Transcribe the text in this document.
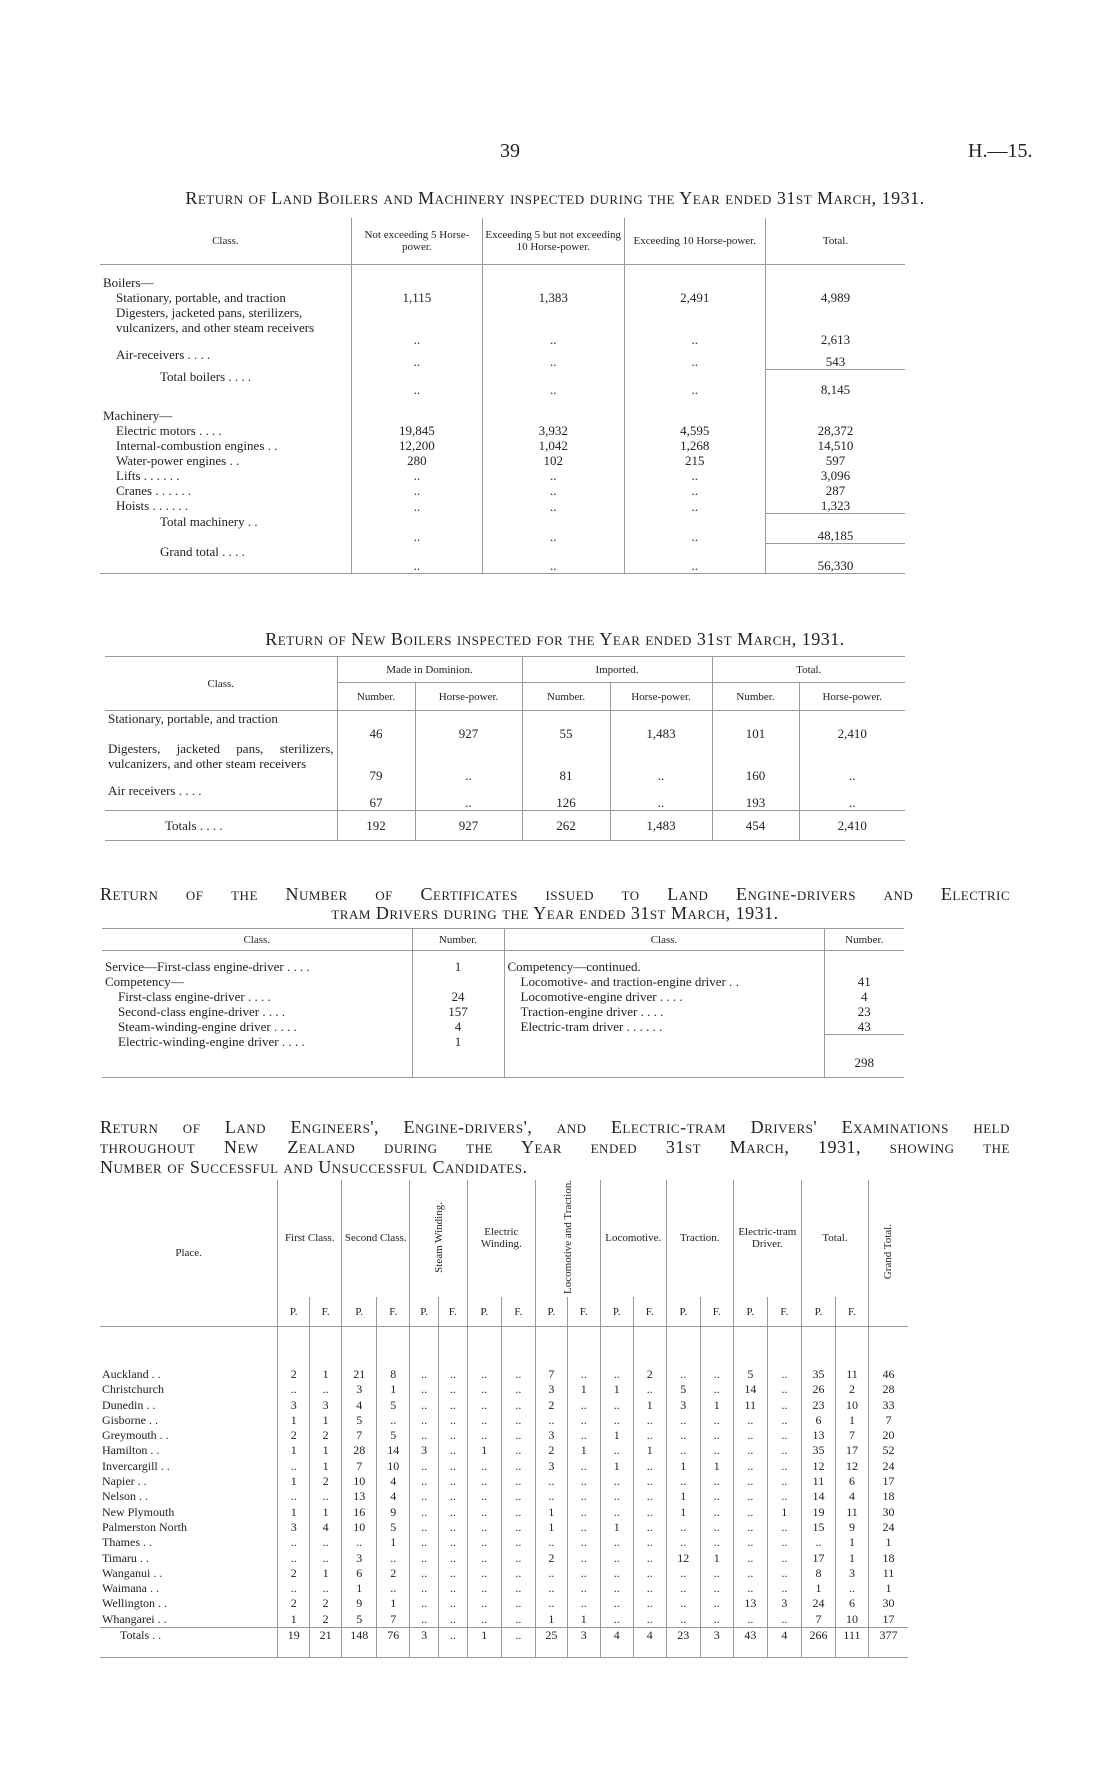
39	H.—15.
Return of Land Boilers and Machinery inspected during the Year ended 31st March, 1931.
Class.	Not exceeding 5 Horse-power.	Exceeding 5 but not exceeding 10 Horse-power.	Exceeding 10 Horse-power.	Total.
Boilers—				
Stationary, portable, and traction	1,115	1,383	2,491	4,989
Digesters, jacketed pans, sterilizers, vulcanizers, and other steam receivers	..	..	..	2,613
Air-receivers . . . .	..	..	..	543
Total boilers . . . .	..	..	..	8,145
Machinery—				
Electric motors . . . .	19,845	3,932	4,595	28,372
Internal-combustion engines . .	12,200	1,042	1,268	14,510
Water-power engines . .	280	102	215	597
Lifts . . . . . .	..	..	..	3,096
Cranes . . . . . .	..	..	..	287
Hoists . . . . . .	..	..	..	1,323
Total machinery . .	..	..	..	48,185
Grand total . . . .	..	..	..	56,330
Return of New Boilers inspected for the Year ended 31st March, 1931.
Class.	Made in Dominion.		Imported.		Total.	
	Number.	Horse-power.	Number.	Horse-power.	Number.	Horse-power.
Stationary, portable, and traction	46	927	55	1,483	101	2,410
Digesters, jacketed pans, sterilizers, vulcanizers, and other steam receivers	79	..	81	..	160	..
Air receivers . . . .	67	..	126	..	193	..
Totals . . . .	192	927	262	1,483	454	2,410
Return of the Number of Certificates issued to Land Engine-drivers and Electric
tram Drivers during the Year ended 31st March, 1931.
Class.	Number.	Class.	Number.

Service—First-class engine-driver . . . .	1	Competency—continued.	
Competency—		Locomotive- and traction-engine driver . .	41
First-class engine-driver . . . .	24	Locomotive-engine driver . . . .	4
Second-class engine-driver . . . .	157	Traction-engine driver . . . .	23
Steam-winding-engine driver . . . .	4	Electric-tram driver . . . . . .	43
Electric-winding-engine driver . . . .	1		
			298
Return of Land Engineers', Engine-drivers', and Electric-tram Drivers' Examinations held
throughout New Zealand during the Year ended 31st March, 1931, showing the
Number of Successful and Unsuccessful Candidates.
Place.	First Class.		Second Class.		Steam Winding.		Electric Winding.		Locomotive and Traction.		Locomotive.		Traction.		Electric-tram Driver.		Total.		Grand Total.
	P.	F.	P.	F.	P.	F.	P.	F.	P.	F.	P.	F.	P.	F.	P.	F.	P.	F.	

Auckland . .	2	1	21	8	..	..	..	..	7	..	..	2	..	..	5	..	35	11	46
Christchurch	..	..	3	1	..	..	..	..	3	1	1	..	5	..	14	..	26	2	28
Dunedin . .	3	3	4	5	..	..	..	..	2	..	..	1	3	1	11	..	23	10	33
Gisborne . .	1	1	5	..	..	..	..	..	..	..	..	..	..	..	..	..	6	1	7
Greymouth . .	2	2	7	5	..	..	..	..	3	..	1	..	..	..	..	..	13	7	20
Hamilton . .	1	1	28	14	3	..	1	..	2	1	..	1	..	..	..	..	35	17	52
Invercargill . .	..	1	7	10	..	..	..	..	3	..	1	..	1	1	..	..	12	12	24
Napier . .	1	2	10	4	..	..	..	..	..	..	..	..	..	..	..	..	11	6	17
Nelson . .	..	..	13	4	..	..	..	..	..	..	..	..	1	..	..	..	14	4	18
New Plymouth	1	1	16	9	..	..	..	..	1	..	..	..	1	..	..	1	19	11	30
Palmerston North	3	4	10	5	..	..	..	..	1	..	1	..	..	..	..	..	15	9	24
Thames . .	..	..	..	1	..	..	..	..	..	..	..	..	..	..	..	..	..	1	1
Timaru . .	..	..	3	..	..	..	..	..	2	..	..	..	12	1	..	..	17	1	18
Wanganui . .	2	1	6	2	..	..	..	..	..	..	..	..	..	..	..	..	8	3	11
Waimana . .	..	..	1	..	..	..	..	..	..	..	..	..	..	..	..	..	1	..	1
Wellington . .	2	2	9	1	..	..	..	..	..	..	..	..	..	..	13	3	24	6	30
Whangarei . .	1	2	5	7	..	..	..	..	1	1	..	..	..	..	..	..	7	10	17
Totals . .	19	21	148	76	3	..	1	..	25	3	4	4	23	3	43	4	266	111	377
